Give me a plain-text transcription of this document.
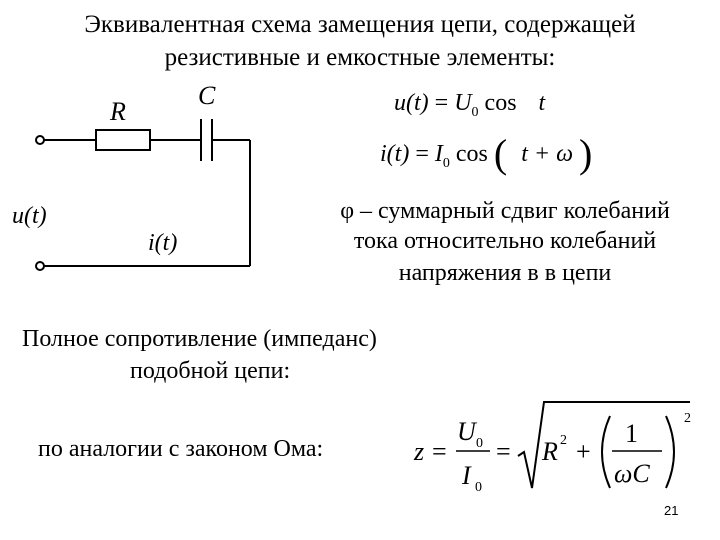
Эквивалентная схема замещения цепи, содержащей
резистивные и емкостные элементы:
R
C
u(t)
i(t)
$u(t) = U_0$ cos t
$i(t) = I_0$ cos ( t + ω )
φ – суммарный сдвиг колебаний
тока относительно колебаний
напряжения в в цепи
Полное сопротивление (импеданс)
подобной цепи:
по аналогии с законом Ома:	z =
U 0
I 0
= R 2 +
1
ωC
2
21
